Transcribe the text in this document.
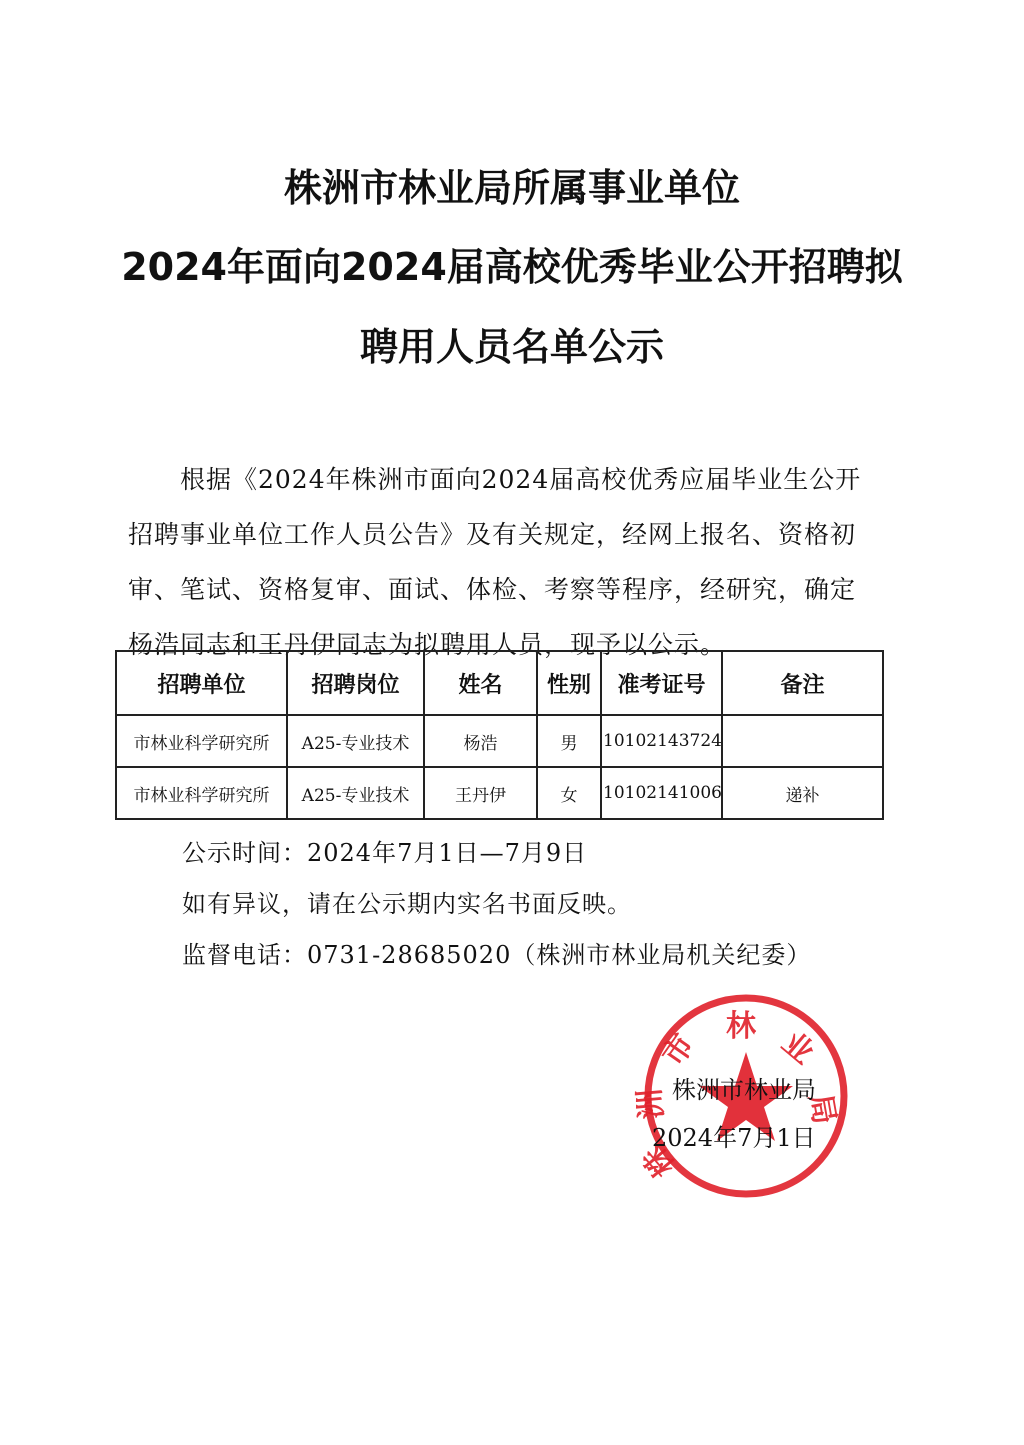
株洲市林业局所属事业单位
2024年面向2024届高校优秀毕业公开招聘拟
聘用人员名单公示
根据《2024年株洲市面向2024届高校优秀应届毕业生公开
招聘事业单位工作人员公告》及有关规定，经网上报名、资格初
审、笔试、资格复审、面试、体检、考察等程序，经研究，确定
杨浩同志和王丹伊同志为拟聘用人员，现予以公示。
招聘单位	招聘岗位	姓名	性别	准考证号	备注
市林业科学研究所	A25-专业技术	杨浩	男	10102143724	
市林业科学研究所	A25-专业技术	王丹伊	女	10102141006	递补
公示时间：2024年7月1日—7月9日
如有异议，请在公示期内实名书面反映。
监督电话：0731-28685020（株洲市林业局机关纪委）
市
林 业
局
洲
株
株洲市林业局
2024年7月1日
